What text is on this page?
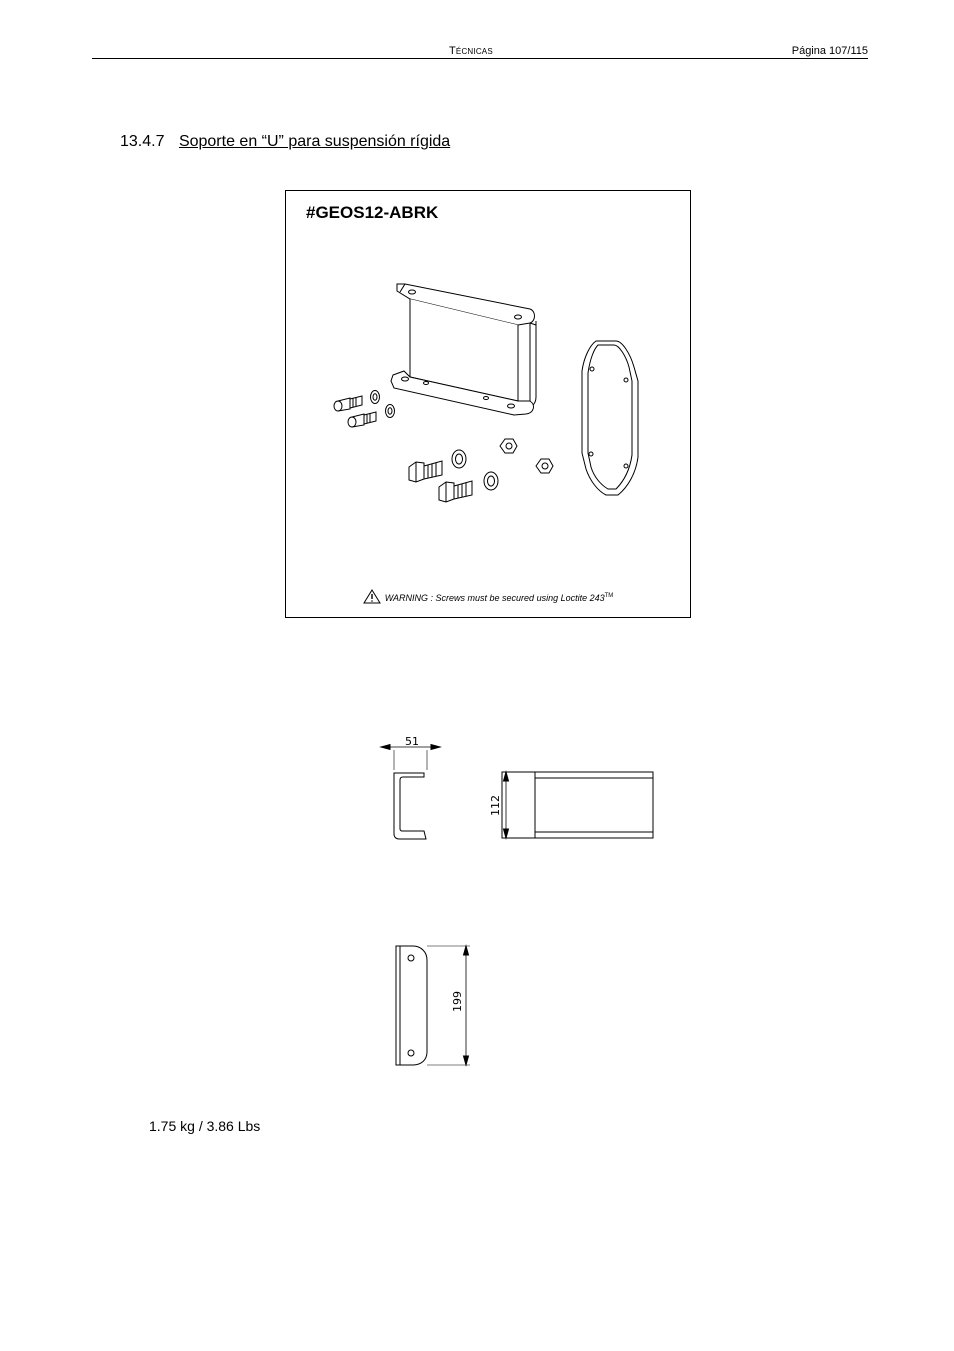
Técnicas	Página 107/115
13.4.7 Soporte en “U” para suspensión rígida
#GEOS12-ABRK
WARNING : Screws must be secured using Loctite 243™
51
112
199
1.75 kg / 3.86 Lbs
